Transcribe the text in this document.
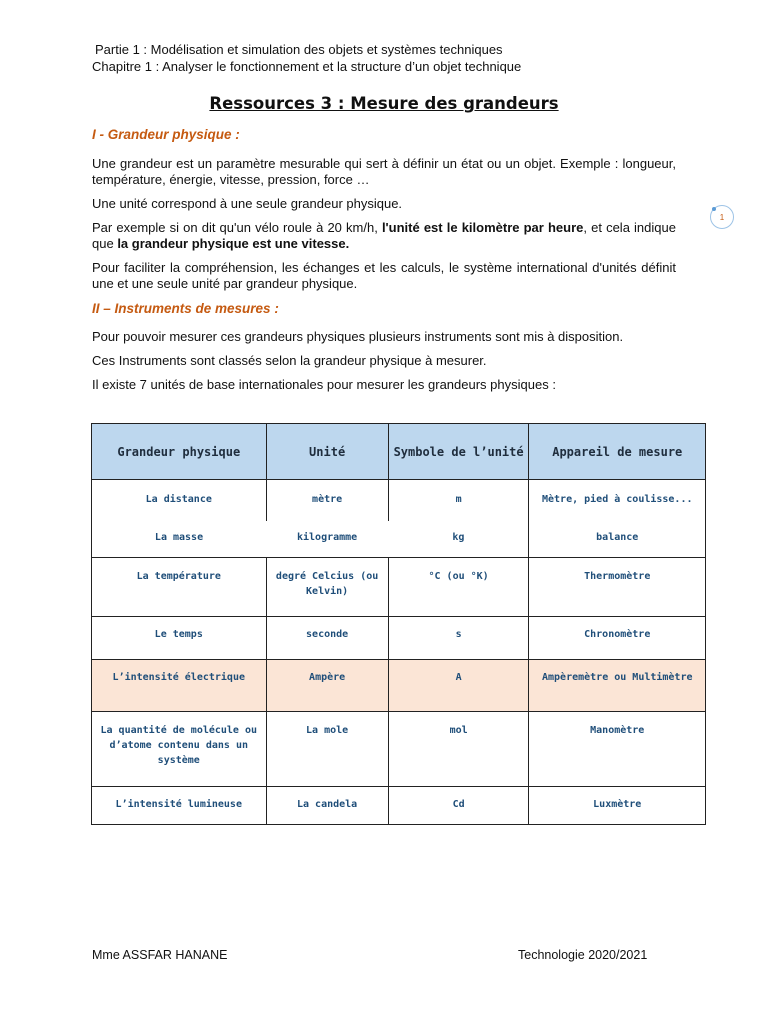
Partie 1 : Modélisation et simulation des objets et systèmes techniques
Chapitre 1 : Analyser le fonctionnement et la structure d’un objet technique
Ressources 3 : Mesure des grandeurs
1
I - Grandeur physique :
Une grandeur est un paramètre mesurable qui sert à définir un état ou un objet. Exemple : longueur, température, énergie, vitesse, pression, force …
Une unité correspond à une seule grandeur physique.
Par exemple si on dit qu'un vélo roule à 20 km/h, l'unité est le kilomètre par heure, et cela indique que la grandeur physique est une vitesse.
Pour faciliter la compréhension, les échanges et les calculs, le système international d'unités définit une et une seule unité par grandeur physique.
II – Instruments de mesures :
Pour pouvoir mesurer ces grandeurs physiques plusieurs instruments sont mis à disposition.
Ces Instruments sont classés selon la grandeur physique à mesurer.
Il existe 7 unités de base internationales pour mesurer les grandeurs physiques :
Grandeur physique	Unité	Symbole de l’unité	Appareil de mesure
La distance	mètre	m	Mètre, pied à coulisse...
La masse	kilogramme	kg	balance
La température	degré Celcius (ou Kelvin)	°C (ou °K)	Thermomètre
Le temps	seconde	s	Chronomètre
L’intensité électrique	Ampère	A	Ampèremètre ou Multimètre
La quantité de molécule ou d’atome contenu dans un système	La mole	mol	Manomètre
L’intensité lumineuse	La candela	Cd	Luxmètre
Mme ASSFAR HANANE	Technologie 2020/2021
